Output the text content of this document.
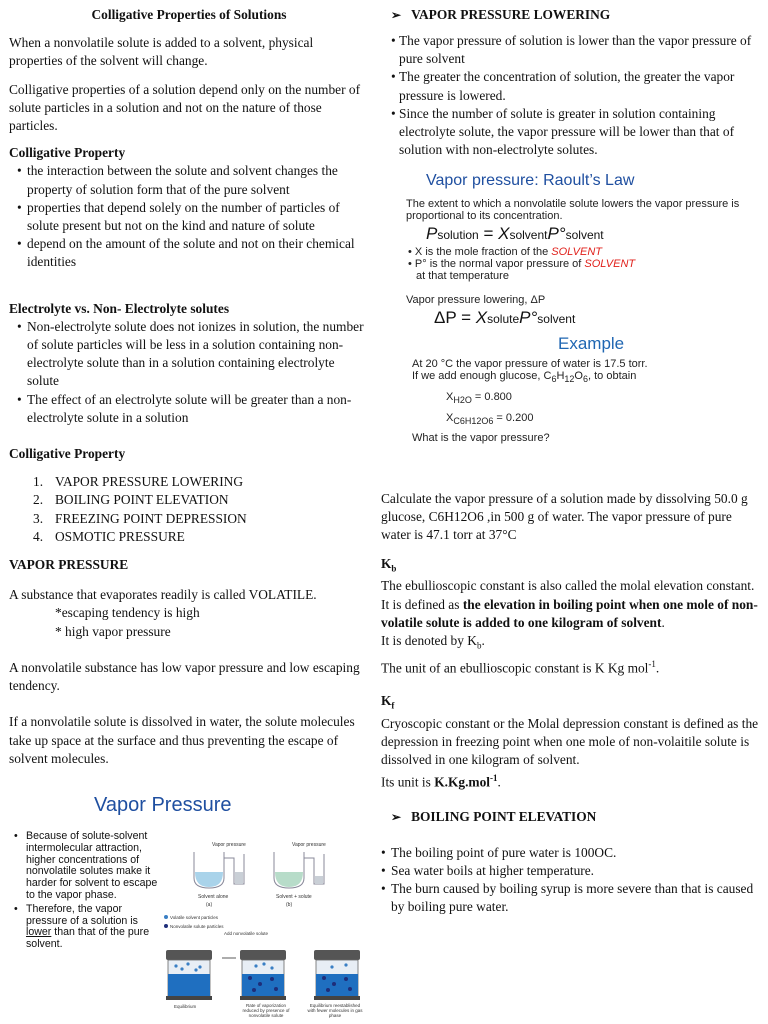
Colligative Properties of Solutions

When a nonvolatile solute is added to a solvent, physical properties of the solvent will change.

Colligative properties of a solution depend only on the number of solute particles in a solution and not on the nature of those particles.

Colligative Property

• the interaction between the solute and solvent changes the property of solution form that of the pure solvent
• properties that depend solely on the number of particles of solute present but not on the kind and nature of solute
• depend on the amount of the solute and not on their chemical identities

Electrolyte vs. Non- Electrolyte solutes

• Non-electrolyte solute does not ionizes in solution, the number of solute particles will be less in a solution containing non-electrolyte solute than in a solution containing electrolyte solute
• The effect of an electrolyte solute will be greater than a non-electrolyte solute in a solution

Colligative Property

1. VAPOR PRESSURE LOWERING
2. BOILING POINT ELEVATION
3. FREEZING POINT DEPRESSION
4. OSMOTIC PRESSURE

VAPOR PRESSURE

A substance that evaporates readily is called VOLATILE.

*escaping tendency is high

* high vapor pressure

A nonvolatile substance has low vapor pressure and low escaping tendency.

If a nonvolatile solute is dissolved in water, the solute molecules take up space at the surface and thus preventing the escape of solvent molecules.

Vapor Pressure

• Because of solute-solvent intermolecular attraction, higher concentrations of nonvolatile solutes make it harder for solvent to escape to the vapor phase.
• Therefore, the vapor pressure of a solution is lower than that of the pure solvent.
Vapor pressure	Vapor pressure
Solvent alone	Solvent + solute
(a)	(b)
Volatile solvent particles
Nonvolatile solute particles
Add nonvolatile solute
Equilibrium	Rate of vaporization reduced by presence of nonvolatile solute
Equilibrium reestablished with fewer molecules in gas phase

➢ VAPOR PRESSURE LOWERING

• The vapor pressure of solution is lower than the vapor pressure of pure solvent
• The greater the concentration of solution, the greater the vapor pressure is lowered.
• Since the number of solute is greater in solution containing electrolyte solute, the vapor pressure will be lower than that of solution with non-electrolyte solutes.

Vapor pressure: Raoult’s Law

The extent to which a nonvolatile solute lowers the vapor pressure is proportional to its concentration.

Psolution = XsolventP°solvent

• X is the mole fraction of the SOLVENT

• P° is the normal vapor pressure of SOLVENT

at that temperature

Vapor pressure lowering, ΔP

ΔP = XsoluteP°solvent

Example

At 20 °C the vapor pressure of water is 17.5 torr.

If we add enough glucose, $C_6H_{12}O_6$, to obtain

$X_{H2O} = 0.800$

$X_{C6H12O6} = 0.200$

What is the vapor pressure?

Calculate the vapor pressure of a solution made by dissolving 50.0 g glucose, C6H12O6 ,in 500 g of water. The vapor pressure of pure water is 47.1 torr at 37°C

$K_b$

The ebullioscopic constant is also called the molal elevation constant.

It is defined as the elevation in boiling point when one mole of non-volatile solute is added to one kilogram of solvent.

It is denoted by $K_b$.

The unit of an ebullioscopic constant is K Kg mol$^{-1}$.

$K_f$

Cryoscopic constant or the Molal depression constant is defined as the depression in freezing point when one mole of non-volaitile solute is dissolved in one kilogram of solvent.

Its unit is K.Kg.mol$^{-1}$.

➢ BOILING POINT ELEVATION

• The boiling point of pure water is 100OC.
• Sea water boils at higher temperature.
• The burn caused by boiling syrup is more severe than that is caused by boiling pure water.
